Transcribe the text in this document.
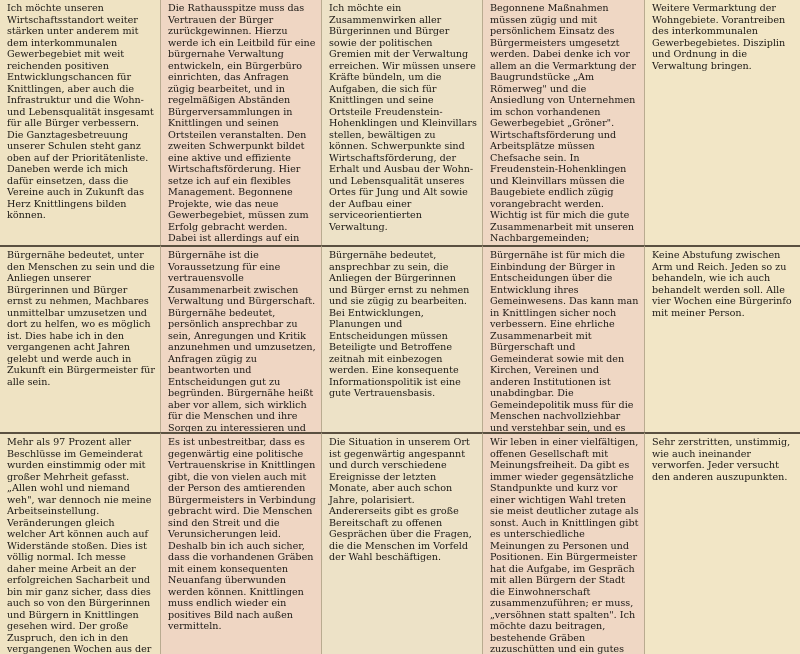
Ich möchte unseren Wirtschaftsstandort weiter stärken unter anderem mit dem interkommunalen Gewerbegebiet mit weit reichenden positiven Entwicklungschancen für Knittlingen, aber auch die Infrastruktur und die Wohn- und Lebensqualität insgesamt für alle Bürger verbessern. Die Ganztagesbetreuung unserer Schulen steht ganz oben auf der Prioritätenliste. Daneben werde ich mich dafür einsetzen, dass die Vereine auch in Zukunft das Herz Knittlingens bilden können.

Die Rathausspitze muss das Vertrauen der Bürger zurückgewinnen. Hierzu werde ich ein Leitbild für eine bürgernahe Verwaltung entwickeln, ein Bürgerbüro einrichten, das Anfragen zügig bearbeitet, und in regelmäßigen Abständen Bürgerversammlungen in Knittlingen und seinen Ortsteilen veranstalten. Den zweiten Schwerpunkt bildet eine aktive und effiziente Wirtschaftsförderung. Hier setze ich auf ein flexibles Management. Begonnene Projekte, wie das neue Gewerbegebiet, müssen zum Erfolg gebracht werden. Dabei ist allerdings auf ein

Ich möchte ein Zusammenwirken aller Bürgerinnen und Bürger sowie der politischen Gremien mit der Verwaltung erreichen. Wir müssen unsere Kräfte bündeln, um die Aufgaben, die sich für Knittlingen und seine Ortsteile Freudenstein-Hohenklingen und Kleinvillars stellen, bewältigen zu können. Schwerpunkte sind Wirtschaftsförderung, der Erhalt und Ausbau der Wohn- und Lebensqualität unseres Ortes für Jung und Alt sowie der Aufbau einer serviceorientierten Verwaltung.

Begonnene Maßnahmen müssen zügig und mit persönlichem Einsatz des Bürgermeisters umgesetzt werden. Dabei denke ich vor allem an die Vermarktung der Baugrundstücke „Am Römerweg" und die Ansiedlung von Unternehmen im schon vorhandenen Gewerbegebiet „Gröner". Wirtschaftsförderung und Arbeitsplätze müssen Chefsache sein. In Freudenstein-Hohenklingen und Kleinvillars müssen die Baugebiete endlich zügig vorangebracht werden. Wichtig ist für mich die gute Zusammenarbeit mit unseren Nachbargemeinden;

Weitere Vermarktung der Wohngebiete. Vorantreiben des interkommunalen Gewerbegebietes. Disziplin und Ordnung in die Verwaltung bringen.

Bürgernähe bedeutet, unter den Menschen zu sein und die Anliegen unserer Bürgerinnen und Bürger ernst zu nehmen, Machbares unmittelbar umzusetzen und dort zu helfen, wo es möglich ist. Dies habe ich in den vergangenen acht Jahren gelebt und werde auch in Zukunft ein Bürgermeister für alle sein.

Bürgernähe ist die Voraussetzung für eine vertrauensvolle Zusammenarbeit zwischen Verwaltung und Bürgerschaft. Bürgernähe bedeutet, persönlich ansprechbar zu sein, Anregungen und Kritik anzunehmen und umzusetzen, Anfragen zügig zu beantworten und Entscheidungen gut zu begründen. Bürgernähe heißt aber vor allem, sich wirklich für die Menschen und ihre Sorgen zu interessieren und

Bürgernähe bedeutet, ansprechbar zu sein, die Anliegen der Bürgerinnen und Bürger ernst zu nehmen und sie zügig zu bearbeiten. Bei Entwicklungen, Planungen und Entscheidungen müssen Beteiligte und Betroffene zeitnah mit einbezogen werden. Eine konsequente Informationspolitik ist eine gute Vertrauensbasis.

Bürgernähe ist für mich die Einbindung der Bürger in Entscheidungen über die Entwicklung ihres Gemeinwesens. Das kann man in Knittlingen sicher noch verbessern. Eine ehrliche Zusammenarbeit mit Bürgerschaft und Gemeinderat sowie mit den Kirchen, Vereinen und anderen Institutionen ist unabdingbar. Die Gemeindepolitik muss für die Menschen nachvollziehbar und verstehbar sein, und es

Keine Abstufung zwischen Arm und Reich. Jeden so zu behandeln, wie ich auch behandelt werden soll. Alle vier Wochen eine Bürgerinfo mit meiner Person.

Mehr als 97 Prozent aller Beschlüsse im Gemeinderat wurden einstimmig oder mit großer Mehrheit gefasst. „Allen wohl und niemand weh", war dennoch nie meine Arbeitseinstellung. Veränderungen gleich welcher Art können auch auf Widerstände stoßen. Dies ist völlig normal. Ich messe daher meine Arbeit an der erfolgreichen Sacharbeit und bin mir ganz sicher, dass dies auch so von den Bürgerinnen und Bürgern in Knittlingen gesehen wird. Der große Zuspruch, den ich in den vergangenen Wochen aus der

Es ist unbestreitbar, dass es gegenwärtig eine politische Vertrauenskrise in Knittlingen gibt, die von vielen auch mit der Person des amtierenden Bürgermeisters in Verbindung gebracht wird. Die Menschen sind den Streit und die Verunsicherungen leid. Deshalb bin ich auch sicher, dass die vorhandenen Gräben mit einem konsequenten Neuanfang überwunden werden können. Knittlingen muss endlich wieder ein positives Bild nach außen vermitteln.

Die Situation in unserem Ort ist gegenwärtig angespannt und durch verschiedene Ereignisse der letzten Monate, aber auch schon Jahre, polarisiert. Andererseits gibt es große Bereitschaft zu offenen Gesprächen über die Fragen, die die Menschen im Vorfeld der Wahl beschäftigen.

Wir leben in einer vielfältigen, offenen Gesellschaft mit Meinungsfreiheit. Da gibt es immer wieder gegensätzliche Standpunkte und kurz vor einer wichtigen Wahl treten sie meist deutlicher zutage als sonst. Auch in Knittlingen gibt es unterschiedliche Meinungen zu Personen und Positionen. Ein Bürgermeister hat die Aufgabe, im Gespräch mit allen Bürgern der Stadt die Einwohnerschaft zusammenzuführen; er muss, „versöhnen statt spalten". Ich möchte dazu beitragen, bestehende Gräben zuzuschütten und ein gutes

Sehr zerstritten, unstimmig, wie auch ineinander verworfen. Jeder versucht den anderen auszupunkten.
